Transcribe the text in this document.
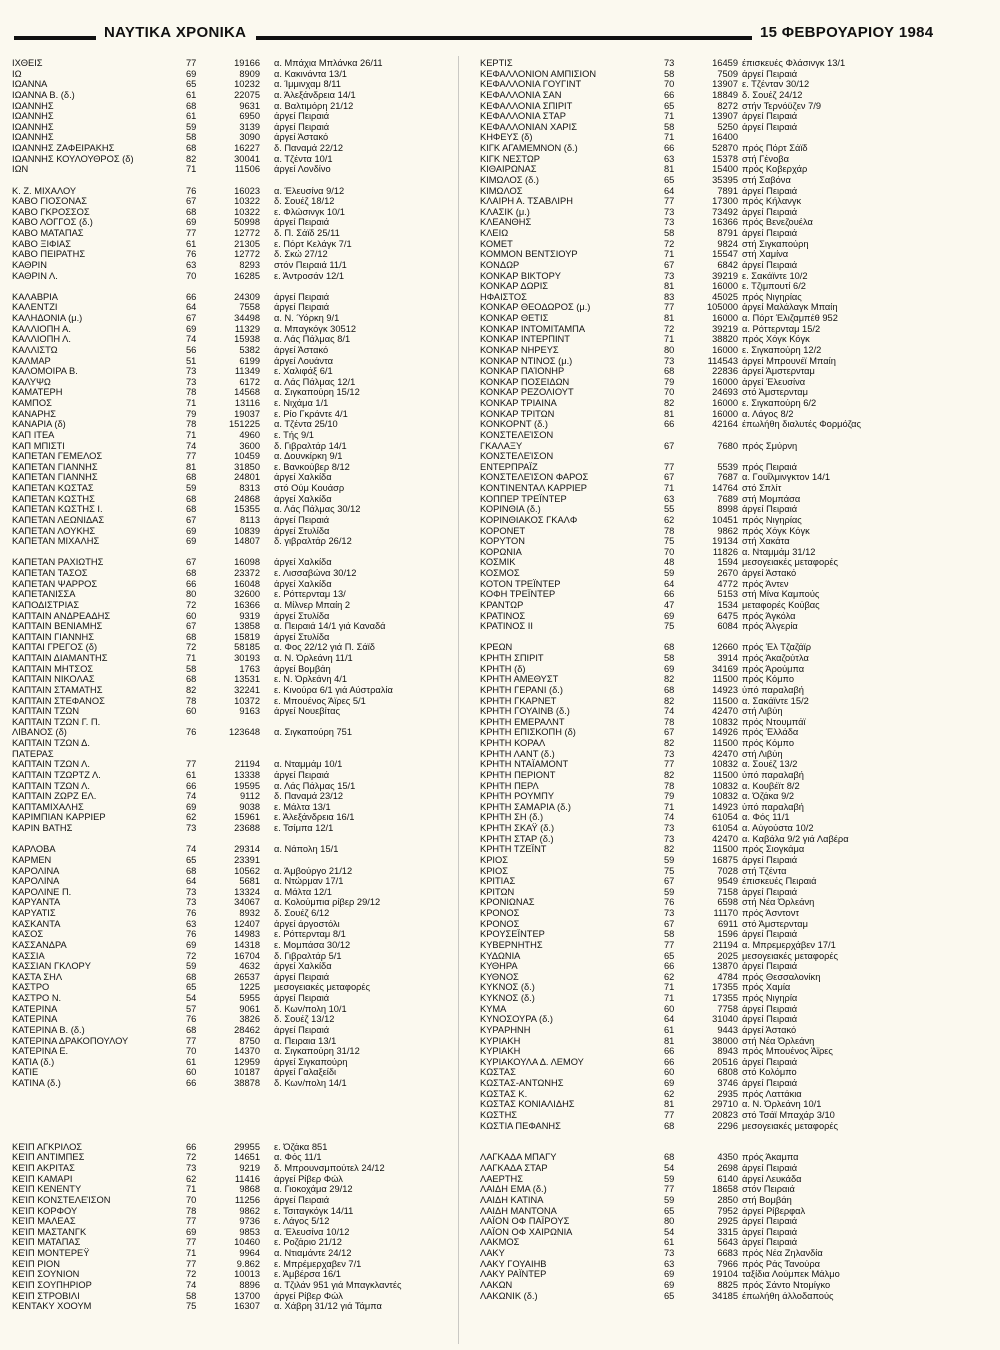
ΝΑΥΤΙΚΑ ΧΡΟΝΙΚΑ	15 ΦΕΒΡΟΥΑΡΙΟΥ 1984
ΙΧΘΕΙΣ	77	19166 α. Μπάχια Μπλάνκα 26/11
ΙΩ	69	8909 α. Κακινάντα 13/1
ΙΩΑΝΝΑ	65	10232 α. Ίμμινχαμ 8/11
ΙΩΑΝΝΑ Β. (δ.)	61	22075 α. Άλεξάνδρεια 14/1
ΙΩΑΝΝΗΣ	68	9631 α. Βαλτιμόρη 21/12
ΙΩΑΝΝΗΣ	61	6950 άργεί Πειραιά
ΙΩΑΝΝΗΣ	59	3139 άργεί Πειραιά
ΙΩΑΝΝΗΣ	58	3090 άργεί Άστακό
ΙΩΑΝΝΗΣ ΖΑΦΕΙΡΑΚΗΣ	68	16227 δ. Παναμά 22/12
ΙΩΑΝΝΗΣ ΚΟΥΛΟΥΘΡΟΣ (δ)	82	30041 α. Τζέντα 10/1
ΙΩΝ	71	11506 άργεί Λονδίνο
Κ. Ζ. ΜΙΧΑΛΟΥ	76	16023 α. Έλευσίνα 9/12
ΚΑΒΟ ΓΙΟΣΟΝΑΣ	67	10322 δ. Σουέζ 18/12
ΚΑΒΟ ΓΚΡΟΣΣΟΣ	68	10322 ε. Φλώσινγκ 10/1
ΚΑΒΟ ΛΟΓΓΟΣ (δ.)	69	50998 άργεί Πειραιά
ΚΑΒΟ ΜΑΤΑΠΑΣ	77	12772 δ. Π. Σάϊδ 25/11
ΚΑΒΟ ΞΙΦΙΑΣ	61	21305 ε. Πόρτ Κελάγκ 7/1
ΚΑΒΟ ΠΕΙΡΑΤΗΣ	76	12772 δ. Σκώ 27/12
ΚΑΘΡΙΝ	63	8293 στόν Πειραιά 11/1
ΚΑΘΡΙΝ Λ.	70	16285 ε. Άντροσάν 12/1
ΚΑΛΑΒΡΙΑ	66	24309 άργεί Πειραιά
ΚΑΛΕΝΤΖΙ	64	7558 άργεί Πειραιά
ΚΑΛΗΔΟΝΙΑ (μ.)	67	34498 α. Ν. Ύόρκη 9/1
ΚΑΛΛΙΟΠΗ Α.	69	11329 α. Μπαγκόγκ 30512
ΚΑΛΛΙΟΠΗ Λ.	74	15938 α. Λάς Πάλμας 8/1
ΚΑΛΛΙΣΤΩ	56	5382 άργεί Άστακό
ΚΑΛΜΑΡ	51	6199 άργεί Λουάντα
ΚΑΛΟΜΟΙΡΑ Β.	73	11349 ε. Χαλιφάξ 6/1
ΚΑΛΥΨΩ	73	6172 α. Λάς Πάλμας 12/1
ΚΑΜΑΤΕΡΗ	78	14568 α. Σιγκαπούρη 15/12
ΚΑΜΠΟΣ	71	13116 ε. Νιχάμα 1/1
ΚΑΝΑΡΗΣ	79	19037 ε. Ρίο Γκράντε 4/1
ΚΑΝΑΡΙΑ (δ)	78	151225 α. Τζέντα 25/10
ΚΑΠ ΙΤΕΑ	71	4960 ε. Τής 9/1
ΚΑΠ ΜΠΙΣΤΙ	74	3600 δ. Γιβραλτάρ 14/1
ΚΑΠΕΤΑΝ ΓΕΜΕΛΟΣ	77	10459 α. Δουνκίρκη 9/1
ΚΑΠΕΤΑΝ ΓΙΑΝΝΗΣ	81	31850 ε. Βανκούβερ 8/12
ΚΑΠΕΤΑΝ ΓΙΑΝΝΗΣ	68	24801 άργεί Χαλκίδα
ΚΑΠΕΤΑΝ ΚΩΣΤΑΣ	59	8313 στό Ούμ Κουάσρ
ΚΑΠΕΤΑΝ ΚΩΣΤΗΣ	68	24868 άργεί Χαλκίδα
ΚΑΠΕΤΑΝ ΚΩΣΤΗΣ Ι.	68	15355 α. Λάς Πάλμας 30/12
ΚΑΠΕΤΑΝ ΛΕΩΝΙΔΑΣ	67	8113 άργεί Πειραιά
ΚΑΠΕΤΑΝ ΛΟΥΚΗΣ	69	10839 άργεί Στυλίδα
ΚΑΠΕΤΑΝ ΜΙΧΑΛΗΣ	69	14807 δ. γιβραλτάρ 26/12
ΚΑΠΕΤΑΝ ΡΑΧΙΩΤΗΣ	67	16098 άργεί Χαλκίδα
ΚΑΠΕΤΑΝ ΤΑΣΟΣ	68	23372 ε. Λισσαβώνα 30/12
ΚΑΠΕΤΑΝ ΨΑΡΡΟΣ	66	16048 άργεί Χαλκίδα
ΚΑΠΕΤΑΝΙΣΣΑ	80	32600 ε. Ρόττερνταμ 13/
ΚΑΠΟΔΙΣΤΡΙΑΣ	72	16366 α. Μίλνερ Μπαίη 2
ΚΑΠΤΑΙΝ ΑΝΔΡΕΑΔΗΣ	60	9319 άργεί Στυλίδα
ΚΑΠΤΑΙΝ ΒΕΝΙΑΜΗΣ	67	13858 α. Πειραιά 14/1 γιά Καναδά
ΚΑΠΤΑΙΝ ΓΙΑΝΝΗΣ	68	15819 άργεί Στυλίδα
ΚΑΠΤΑΙ ΓΡΕΓΟΣ (δ)	72	58185 α. Φος 22/12 γιά Π. Σάϊδ
ΚΑΠΤΑΙΝ ΔΙΑΜΑΝΤΗΣ	71	30193 α. Ν. Όρλεάνη 11/1
ΚΑΠΤΑΙΝ ΜΗΤΣΟΣ	58	1763 άργεί Βομβάη
ΚΑΠΤΑΙΝ ΝΙΚΟΛΑΣ	68	13531 ε. Ν. Όρλεάνη 4/1
ΚΑΠΤΑΙΝ ΣΤΑΜΑΤΗΣ	82	32241 ε. Κινούρα 6/1 γιά Αύστραλία
ΚΑΠΤΑΙΝ ΣΤΕΦΑΝΟΣ	78	10372 ε. Μπουένος Άϊρες 5/1
ΚΑΠΤΑΙΝ ΤΖΩΝ	60	9163 άργεί Νουεβίτας
ΚΑΠΤΑΙΝ ΤΖΩΝ Γ. Π.
ΛΙΒΑΝΟΣ (δ)	76	123648 α. Σιγκαπούρη 751
ΚΑΠΤΑΙΝ ΤΖΩΝ Δ.
ΠΑΤΕΡΑΣ
ΚΑΠΤΑΙΝ ΤΖΩΝ Λ.	77	21194 α. Νταμμάμ 10/1
ΚΑΠΤΑΙΝ ΤΖΩΡΤΖ Λ.	61	13338 άργεί Πειραιά
ΚΑΠΤΑΙΝ ΤΖΩΝ Λ.	66	19595 α. Λάς Πάλμας 15/1
ΚΑΠΤΑΙΝ ΖΩΡΖ ΕΛ.	74	9112 δ. Παναμά 23/12
ΚΑΠΤΑΜΙΧΑΛΗΣ	69	9038 ε. Μάλτα 13/1
ΚΑΡΙΜΠΙΑΝ ΚΑΡΡΙΕΡ	62	15961 ε. Άλεξάνδρεια 16/1
ΚΑΡΙΝ ΒΑΤΗΣ	73	23688 ε. Τσίμπα 12/1
ΚΑΡΛΟΒΑ	74	29314 α. Νάπολη 15/1
ΚΑΡΜΕΝ	65	23391
ΚΑΡΟΛΙΝΑ	68	10562 α. Άμβούργο 21/12
ΚΑΡΟΛΙΝΑ	64	5681 α. Ντώρμαν 17/1
ΚΑΡΟΛΙΝΕ Π.	73	13324 α. Μάλτα 12/1
ΚΑΡΥΑΝΤΑ	73	34067 α. Κολούμπια ρίβερ 29/12
ΚΑΡΥΑΤΙΣ	76	8932 δ. Σουέζ 6/12
ΚΑΣΚΑΝΤΑ	63	12407 άργεί άργοστόλι
ΚΑΣΟΣ	76	14983 ε. Ρόττερνταμ 8/1
ΚΑΣΣΑΝΔΡΑ	69	14318 ε. Μομπάσα 30/12
ΚΑΣΣΙΑ	72	16704 δ. Γιβραλτάρ 5/1
ΚΑΣΣΙΑΝ ΓΚΛΟΡΥ	59	4632 άργεί Χαλκίδα
ΚΑΣΤΑ ΣΗΛ	68	26537 άργεί Πειραιά
ΚΑΣΤΡΟ	65	1225 μεσογειακές μεταφορές
ΚΑΣΤΡΟ Ν.	54	5955 άργεί Πειραιά
ΚΑΤΕΡΙΝΑ	57	9061 δ. Κων/πολη 10/1
ΚΑΤΕΡΙΝΑ	76	3826 δ. Σουέζ 13/12
ΚΑΤΕΡΙΝΑ Β. (δ.)	68	28462 άργεί Πειραιά
ΚΑΤΕΡΙΝΑ ΔΡΑΚΟΠΟΥΛΟΥ	77	8750 α. Πειραια 13/1
ΚΑΤΕΡΙΝΑ Ε.	70	14370 α. Σιγκαπούρη 31/12
ΚΑΤΙΑ (δ.)	61	12959 άργεί Σιγκαπούρη
ΚΑΤΙΕ	60	10187 άργεί Γαλαξείδι
ΚΑΤΙΝΑ (δ.)	66	38878 δ. Κων/πολη 14/1
ΚΕΊΠ ΑΓΚΡΙΛΟΣ	66	29955 ε. Όζάκα 851
ΚΕΊΠ ΑΝΤΙΜΠΕΣ	72	14651 α. Φός 11/1
ΚΕΊΠ ΑΚΡΙΤΑΣ	73	9219 δ. Μπρουνσμπούτελ 24/12
ΚΕΊΠ ΚΑΜΑΡΙ	62	11416 άργεί Ρίβερ Φώλ
ΚΕΊΠ ΚΕΝΕΝΤΥ	71	9868 α. Γιοκοχάμα 29/12
ΚΕΊΠ ΚΟΝΣΤΕΛΕΊΣΟΝ	70	11256 άργεί Πειραιά
ΚΕΊΠ ΚΟΡΦΟΥ	78	9862 ε. Τσιταγκόγκ 14/11
ΚΕΊΠ ΜΑΛΕΑΣ	77	9736 ε. Λάγος 5/12
ΚΕΊΠ ΜΑΣΤΑΝΓΚ	69	9853 α. Έλευσίνα 10/12
ΚΕΊΠ ΜΑΤΑΠΑΣ	77	10460 ε. Ροζάριο 21/12
ΚΕΊΠ ΜΟΝΤΕΡΕΫ	71	9964 α. Ντιαμάντε 24/12
ΚΕΊΠ ΡΙΟΝ	77	9.862 ε. Μπρέμερχαβεν 7/1
ΚΕΊΠ ΣΟΥΝΙΟΝ	72	10013 ε. Άμβέρσα 16/1
ΚΕΊΠ ΣΟΥΠΗΡΙΟΡ	74	8896 α. Τζιλάν 951 γιά Μπαγκλαντές
ΚΕΊΠ ΣΤΡΟΒΙΛΙ	58	13700 άργεί Ρίβερ Φώλ
ΚΕΝΤΑΚΥ ΧΟΟΥΜ	75	16307 α. Χάβρη 31/12 γιά Τάμπα
ΚΕΡΤΙΣ	73	16459 έπισκευές Φλάσινγκ 13/1
ΚΕΦΑΛΛΟΝΙΟΝ ΑΜΠΙΣΙΟΝ	58	7509 άργεί Πειραιά
ΚΕΦΑΛΛΟΝΙΑ ΓΟΥΓΙΝΤ	70	13907 ε. Τζένταν 30/12
ΚΕΦΑΛΛΟΝΙΑ ΣΑΝ	66	18849 δ. Σουέζ 24/12
ΚΕΦΑΛΛΟΝΙΑ ΣΠΙΡΙΤ	65	8272 στήν Τερνόϋζεν 7/9
ΚΕΦΑΛΛΟΝΙΑ ΣΤΑΡ	71	13907 άργεί Πειραιά
ΚΕΦΑΛΛΟΝΙΑΝ ΧΑΡΙΣ	58	5250 άργεί Πειραιά
ΚΗΦΕΥΣ (δ)	71	16400
ΚΙΓΚ ΑΓΑΜΕΜΝΟΝ (δ.)	66	52870 πρός Πόρτ Σάϊδ
ΚΙΓΚ ΝΕΣΤΩΡ	63	15378 στή Γένοβα
ΚΙΘΑΙΡΩΝΑΣ	81	15400 πρός Κοβερχάρ
ΚΙΜΩΛΟΣ (δ.)	65	35395 στή Σαβόνα
ΚΙΜΩΛΟΣ	64	7891 άργεί Πειραιά
ΚΛΑΙΡΗ Α. ΤΣΑΒΛΙΡΗ	77	17300 πρός Κήλανγκ
ΚΛΑΣΙΚ (μ.)	73	73492 άργεί Πειραιά
ΚΛΕΑΝΘΗΣ	73	16366 πρός Βενεζουέλα
ΚΛΕΙΩ	58	8791 άργεί Πειραιά
ΚΟΜΕΤ	72	9824 στή Σιγκαπούρη
ΚΟΜΜΟΝ ΒΕΝΤΣΙΟΥΡ	71	15547 στή Χαμίνα
ΚΟΝΔΩΡ	67	6842 άργεί Πειραιά
ΚΟΝΚΑΡ ΒΙΚΤΟΡΥ	73	39219 ε. Σακάϊντε 10/2
ΚΟΝΚΑΡ ΔΩΡΙΣ	81	16000 ε. Τζιμπουτί 6/2
ΗΦΑΙΣΤΟΣ	83	45025 πρός Νιγηρίας
ΚΟΝΚΑΡ ΘΕΟΔΩΡΟΣ (μ.)	77	105000 άργεί Μαλάλαγκ Μπαίη
ΚΟΝΚΑΡ ΘΕΤΙΣ	81	16000 α. Πόρτ Έλιζαμπέθ 952
ΚΟΝΚΑΡ ΙΝΤΟΜΙΤΑΜΠΑ	72	39219 α. Ρόττερνταμ 15/2
ΚΟΝΚΑΡ ΙΝΤΕΡΠΙΝΤ	71	38820 πρός Χόγκ Κόγκ
ΚΟΝΚΑΡ ΝΗΡΕΥΣ	80	16000 ε. Σιγκαπούρη 12/2
ΚΟΝΚΑΡ ΝΤΙΝΟΣ (μ.)	73	114543 άργεί Μπρουνέϊ Μπαίη
ΚΟΝΚΑΡ ΠΑΊΟΝΗΡ	68	22836 άργεί Άμστερνταμ
ΚΟΝΚΑΡ ΠΟΣΕΙΔΩΝ	79	16000 άργεί Έλευσίνα
ΚΟΝΚΑΡ ΡΕΖΟΛΙΟΥΤ	70	24693 στό Άμστερνταμ
ΚΟΝΚΑΡ ΤΡΙΑΙΝΑ	82	16000 ε. Σιγκαπούρη 6/2
ΚΟΝΚΑΡ ΤΡΙΤΩΝ	81	16000 α. Λάγος 8/2
ΚΟΝΚΟΡΝΤ (δ.)	66	42164 έπωλήθη διαλυτές Φορμόζας
ΚΟΝΣΤΕΛΕΊΣΟΝ
ΓΚΑΛΑΞΥ	67	7680 πρός Σμύρνη
ΚΟΝΣΤΕΛΕΊΣΟΝ
ΕΝΤΕΡΠΡΑΪΖ	77	5539 πρός Πειραιά
ΚΟΝΣΤΕΛΕΊΣΟΝ ΦΑΡΟΣ	67	7687 α. Γουΐλμινγκτον 14/1
ΚΟΝΤΙΝΕΝΤΑΛ ΚΑΡΡΙΕΡ	71	14764 στό Σπλίτ
ΚΟΠΠΕΡ ΤΡΕΪΝΤΕΡ	63	7689 στή Μομπάσα
ΚΟΡΙΝΘΙΑ (δ.)	55	8998 άργεί Πειραιά
ΚΟΡΙΝΘΙΑΚΟΣ ΓΚΑΛΦ	62	10451 πρός Νιγηρίας
ΚΟΡΟΝΕΤ	78	9862 πρός Χόγκ Κόγκ
ΚΟΡΥΤΟΝ	75	19134 στή Χακάτα
ΚΟΡΩΝΙΑ	70	11826 α. Νταμμάμ 31/12
ΚΟΣΜΙΚ	48	1594 μεσογειακές μεταφορές
ΚΟΣΜΟΣ	59	2670 άργεί Άστακό
ΚΟΤΟΝ ΤΡΕΪΝΤΕΡ	64	4772 πρός Άντεν
ΚΟΦΗ ΤΡΕΪΝΤΕΡ	66	5153 στή Μίνα Καμπούς
ΚΡΑΝΤΩΡ	47	1534 μεταφορές Κούβας
ΚΡΑΤΙΝΟΣ	69	6475 πρός Άγκόλα
ΚΡΑΤΙΝΟΣ ΙΙ	75	6084 πρός Άλγερία
ΚΡΕΩΝ	68	12660 πρός Έλ Τζαζάϊρ
ΚΡΗΤΗ ΣΠΙΡΙΤ	58	3914 πρός Άκαζούτλα
ΚΡΗΤΗ (δ)	69	34169 πρός Άρούμπα
ΚΡΗΤΗ ΑΜΕΘΥΣΤ	82	11500 πρός Κόμπο
ΚΡΗΤΗ ΓΕΡΑΝΙ (δ.)	68	14923 ύπό παραλαβή
ΚΡΗΤΗ ΓΚΑΡΝΕΤ	82	11500 α. Σακάϊντε 15/2
ΚΡΗΤΗ ΓΟΥΑΙΝΒ (δ.)	74	42470 στή Λιβύη
ΚΡΗΤΗ ΕΜΕΡΑΛΝΤ	78	10832 πρός Ντουμπάϊ
ΚΡΗΤΗ ΕΠΙΣΚΟΠΗ (δ)	67	14926 πρός Έλλάδα
ΚΡΗΤΗ ΚΟΡΑΛ	82	11500 πρός Κόμπο
ΚΡΗΤΗ ΛΑΝΤ (δ.)	73	42470 στή Λιβύη
ΚΡΗΤΗ ΝΤΑΪΑΜΟΝΤ	77	10832 α. Σουέζ 13/2
ΚΡΗΤΗ ΠΕΡΙΟΝΤ	82	11500 ύπό παραλαβή
ΚΡΗΤΗ ΠΕΡΛ	78	10832 α. Κουβέϊτ 8/2
ΚΡΗΤΗ ΡΟΥΜΠΥ	79	10832 α. Όζάκα 9/2
ΚΡΗΤΗ ΣΑΜΑΡΙΑ (δ.)	71	14923 ύπό παραλαβή
ΚΡΗΤΗ ΣΗ (δ.)	74	61054 α. Φός 11/1
ΚΡΗΤΗ ΣΚΑΫ (δ.)	73	61054 α. Αύγούστα 10/2
ΚΡΗΤΗ ΣΤΑΡ (δ.)	73	42470 α. Καβάλα 9/2 γιά Λαβέρα
ΚΡΗΤΗ ΤΖΕΪΝΤ	82	11500 πρός Σιογκάμα
ΚΡΙΟΣ	59	16875 άργεί Πειραιά
ΚΡΙΟΣ	75	7028 στή Τζέντα
ΚΡΙΤΙΑΣ	67	9549 έπισκευές Πειραιά
ΚΡΙΤΩΝ	59	7158 άργεί Πειραιά
ΚΡΟΝΙΩΝΑΣ	76	6598 στή Νέα Όρλεάνη
ΚΡΟΝΟΣ	73	11170 πρός Άσντοντ
ΚΡΟΝΟΣ	67	6911 στό Άμστερνταμ
ΚΡΟΥΣΕΪΝΤΕΡ	58	1596 άργεί Πειραιά
ΚΥΒΕΡΝΗΤΗΣ	77	21194 α. Μπρεμερχάβεν 17/1
ΚΥΔΩΝΙΑ	65	2025 μεσογειακές μεταφορές
ΚΥΘΗΡΑ	66	13870 άργεί Πειραιά
ΚΥΘΝΟΣ	62	4784 πρός Θεσσαλονίκη
ΚΥΚΝΟΣ (δ.)	71	17355 πρός Χαμία
ΚΥΚΝΟΣ (δ.)	71	17355 πρός Νιγηρία
ΚΥΜΑ	60	7758 άργεί Πειραιά
ΚΥΝΟΣΟΥΡΑ (δ.)	64	31040 άργεί Πειραιά
ΚΥΡΑΡΗΝΗ	61	9443 άργεί Άστακό
ΚΥΡΙΑΚΗ	81	38000 στή Νέα Όρλεάνη
ΚΥΡΙΑΚΗ	66	8943 πρός Μπουένος Άϊρες
ΚΥΡΙΑΚΟΥΛΑ Δ. ΛΕΜΟΥ	66	20516 άργεί Πειραιά
ΚΩΣΤΑΣ	60	6808 στό Κολόμπο
ΚΩΣΤΑΣ-ΑΝΤΩΝΗΣ	69	3746 άργεί Πειραιά
ΚΩΣΤΑΣ Κ.	62	2935 πρός Λαττάκια
ΚΩΣΤΑΣ ΚΟΝΙΑΛΙΔΗΣ	81	29710 α. Ν. Όρλεάνη 10/1
ΚΩΣΤΗΣ	77	20823 στό Τσάϊ Μπαχάρ 3/10
ΚΩΣΤΙΑ ΠΕΦΑΝΗΣ	68	2296 μεσογειακές μεταφορές
ΛΑΓΚΑΔΑ ΜΠΑΓΥ	68	4350 πρός Άκαμπα
ΛΑΓΚΑΔΑ ΣΤΑΡ	54	2698 άργεί Πειραιά
ΛΑΕΡΤΗΣ	59	6140 άργεί Λευκάδα
ΛΑΙΔΗ ΕΜΑ (δ.)	77	18658 στόν Πειραιά
ΛΑΙΔΗ ΚΑΤΙΝΑ	59	2850 στή Βομβάη
ΛΑΙΔΗ ΜΑΝΤΟΝΑ	65	7952 άργεί Ρίβερφαλ
ΛΑΪΟΝ ΟΦ ΠΑΪΡΟΥΣ	80	2925 άργεί Πειραιά
ΛΑΪΟΝ ΟΦ ΧΑΙΡΩΝΙΑ	54	3315 άργεί Πειραιά
ΛΑΚΜΟΣ	61	5643 άργεί Πειραιά
ΛΑΚΥ	73	6683 πρός Νέα Ζηλανδία
ΛΑΚΥ ΓΟΥΑΙΗΒ	63	7966 πρός Ράς Τανούρα
ΛΑΚΥ ΡΑΪΝΤΕΡ	69	19104 ταξίδια Λούμπεκ Μάλμο
ΛΑΚΩΝ	69	8825 πρός Σάντο Ντομίγκο
ΛΑΚΩΝΙΚ (δ.)	65	34185 έπωλήθη άλλοδαπούς
